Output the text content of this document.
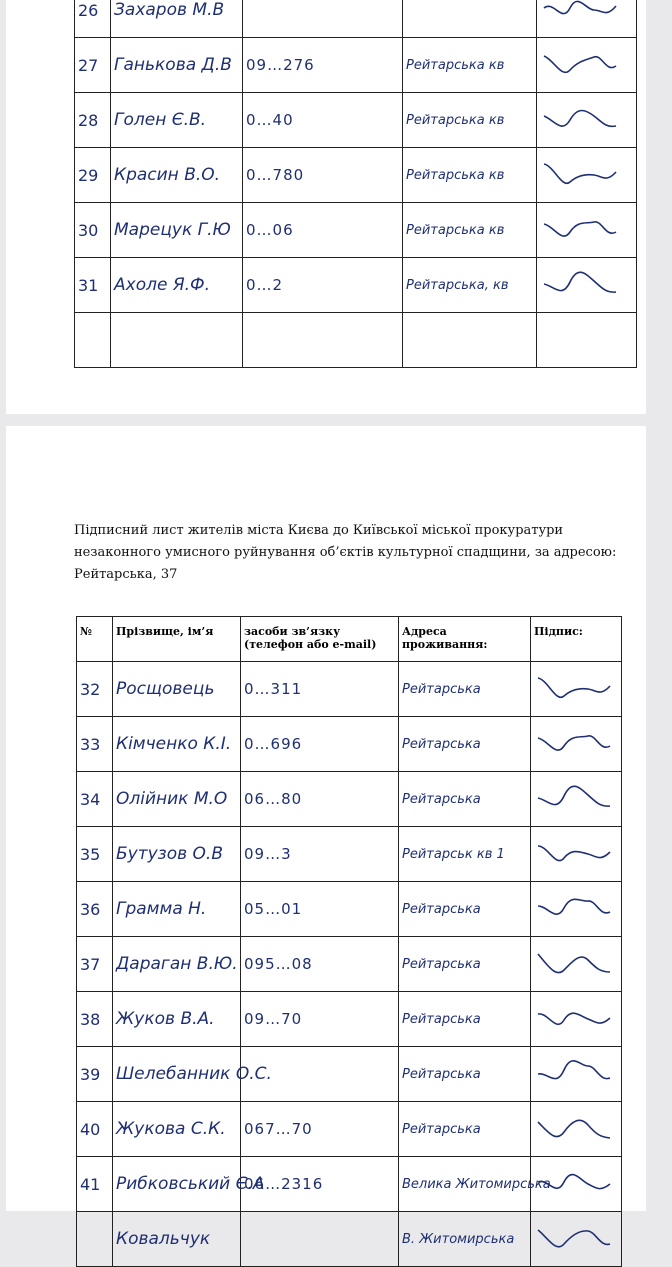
26	Захаров М.В			
27	Ганькова Д.В	09…276	Рейтарська кв	
28	Голен Є.В.	0…40	Рейтарська кв	
29	Красин В.О.	0…780	Рейтарська кв	
30	Марецук Г.Ю	0…06	Рейтарська кв	
31	Ахоле Я.Ф.	0…2	Рейтарська, кв	

Підписний лист жителів міста Києва до Київської міської прокуратури
незаконного умисного руйнування об’єктів культурної спадщини, за адресою:
Рейтарська, 37
№	Прізвище, ім’я	засоби зв’язку (телефон або e-mail)	Адреса проживання:	Підпис:
32	Росщовець	0…311	Рейтарська	
33	Кімченко К.І.	0…696	Рейтарська	
34	Олійник М.О	06…80	Рейтарська	
35	Бутузов О.В	09…3	Рейтарськ кв 1	
36	Грамма Н.	05…01	Рейтарська	
37	Дараган В.Ю.	095…08	Рейтарська	
38	Жуков В.А.	09…70	Рейтарська	
39	Шелебанник О.С.		Рейтарська	
40	Жукова С.К.	067…70	Рейтарська	
41	Рибковський Є.А	06…2316	Велика Житомирська	
	Ковальчук		В. Житомирська	
